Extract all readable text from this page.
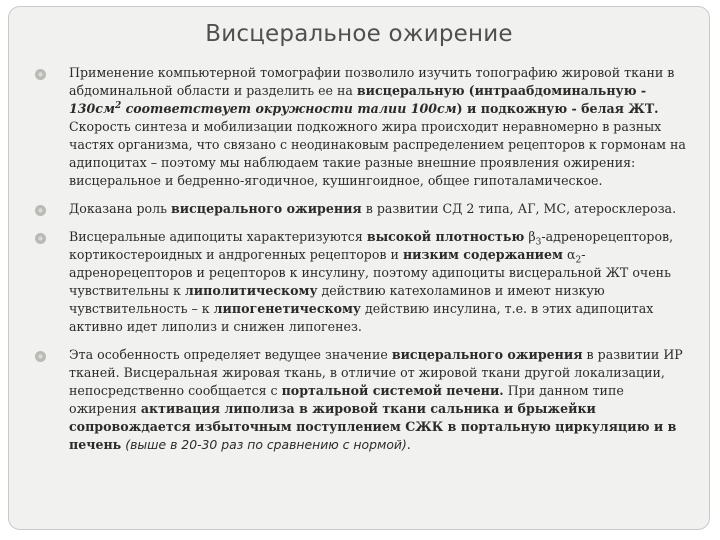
Висцеральное ожирение
Применение компьютерной томографии позволило изучить топографию жировой ткани в абдоминальной области и разделить ее на висцеральную (интраабдоминальную - $130см^2$ соответствует окружности талии 100см) и подкожную - белая ЖТ. Скорость синтеза и мобилизации подкожного жира происходит неравномерно в разных частях организма, что связано с неодинаковым распределением рецепторов к гормонам на адипоцитах – поэтому мы наблюдаем такие разные внешние проявления ожирения: висцеральное и бедренно-ягодичное, кушингоидное, общее гипоталамическое.
Доказана роль висцерального ожирения в развитии СД 2 типа, АГ, МС, атеросклероза.
Висцеральные адипоциты характеризуются высокой плотностью $\beta_3$-адренорецепторов, кортикостероидных и андрогенных рецепторов и низким содержанием $\alpha_2$-адренорецепторов и рецепторов к инсулину, поэтому адипоциты висцеральной ЖТ очень чувствительны к липолитическому действию катехоламинов и имеют низкую чувствительность – к липогенетическому действию инсулина, т.е. в этих адипоцитах активно идет липолиз и снижен липогенез.
Эта особенность определяет ведущее значение висцерального ожирения в развитии ИР тканей. Висцеральная жировая ткань, в отличие от жировой ткани другой локализации, непосредственно сообщается с портальной системой печени. При данном типе ожирения активация липолиза в жировой ткани сальника и брыжейки сопровождается избыточным поступлением СЖК в портальную циркуляцию и в печень (выше в 20-30 раз по сравнению с нормой).
